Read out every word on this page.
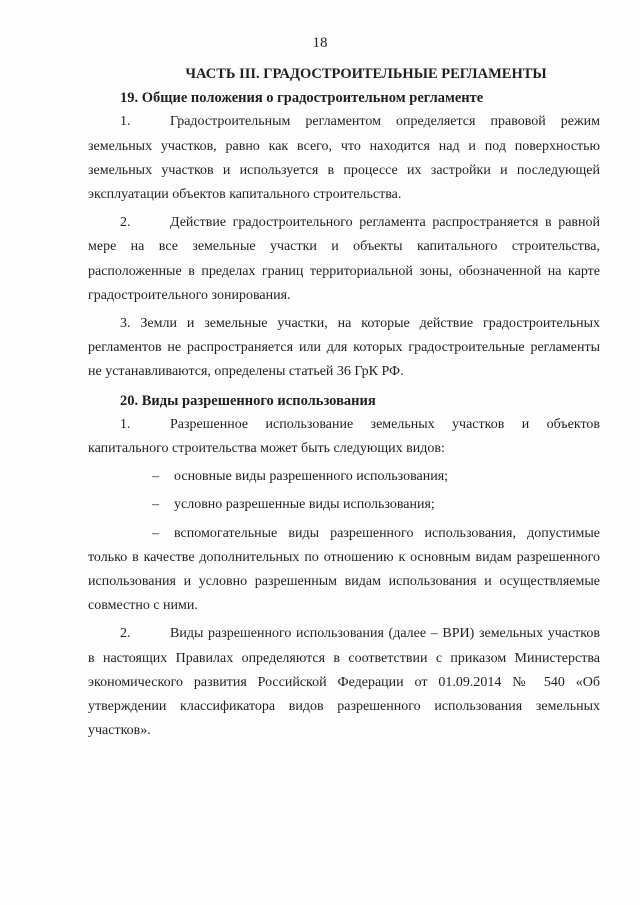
18

ЧАСТЬ III. ГРАДОСТРОИТЕЛЬНЫЕ РЕГЛАМЕНТЫ

19. Общие положения о градостроительном регламенте

1.	Градостроительным регламентом определяется правовой режим земельных участков, равно как всего, что находится над и под поверхностью земельных участков и используется в процессе их застройки и последующей эксплуатации объектов капитального строительства.

2.	Действие градостроительного регламента распространяется в равной мере на все земельные участки и объекты капитального строительства, расположенные в пределах границ территориальной зоны, обозначенной на карте градостроительного зонирования.

3. Земли и земельные участки, на которые действие градостроительных регламентов не распространяется или для которых градостроительные регламенты не устанавливаются, определены статьей 36 ГрК РФ.

20. Виды разрешенного использования

1.	Разрешенное использование земельных участков и объектов капитального строительства может быть следующих видов:

– основные виды разрешенного использования;

– условно разрешенные виды использования;

– вспомогательные виды разрешенного использования, допустимые только в качестве дополнительных по отношению к основным видам разрешенного использования и условно разрешенным видам использования и осуществляемые совместно с ними.

2.	Виды разрешенного использования (далее – ВРИ) земельных участков в настоящих Правилах определяются в соответствии с приказом Министерства экономического развития Российской Федерации от 01.09.2014 № 540 «Об утверждении классификатора видов разрешенного использования земельных участков».
